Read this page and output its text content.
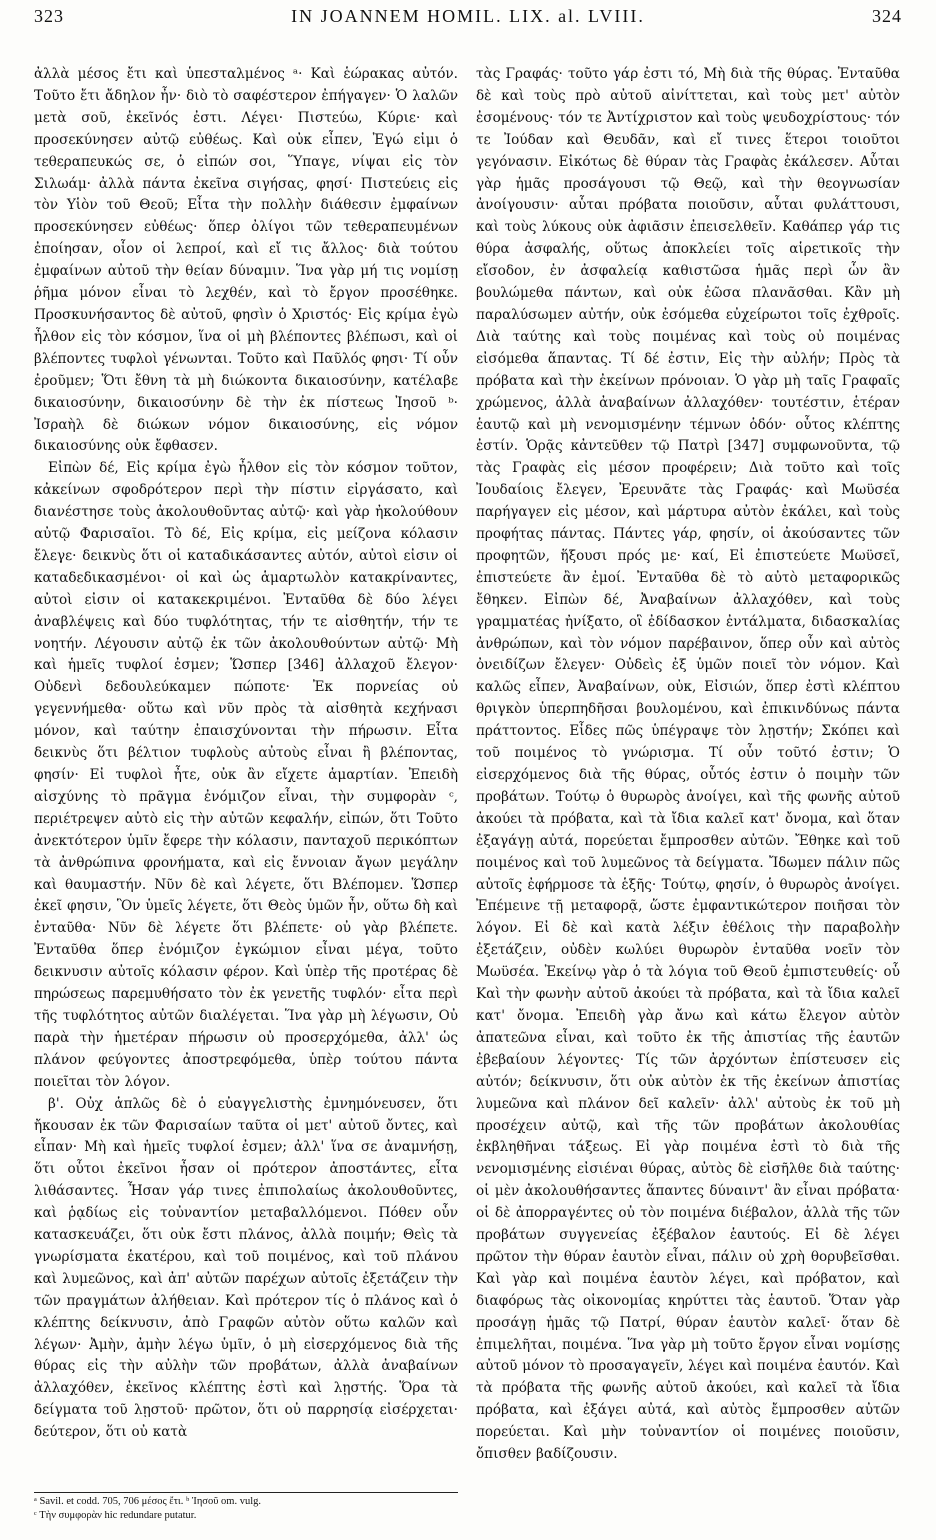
323	IN JOANNEM HOMIL. LIX. al. LVIII.	324

ἀλλὰ μέσος ἔτι καὶ ὑπεσταλμένος ᵃ· Καὶ ἑώρακας αὐτόν. Τοῦτο ἔτι ἄδηλον ἦν· διὸ τὸ σαφέστερον ἐπήγαγεν· Ὁ λαλῶν μετὰ σοῦ, ἐκεῖνός ἐστι. Λέγει· Πιστεύω, Κύριε· καὶ προσεκύνησεν αὐτῷ εὐθέως. Καὶ οὐκ εἶπεν, Ἐγώ εἰμι ὁ τεθεραπευκώς σε, ὁ εἰπών σοι, Ὕπαγε, νίψαι εἰς τὸν Σιλωάμ· ἀλλὰ πάντα ἐκεῖνα σιγήσας, φησί· Πιστεύεις εἰς τὸν Υἱὸν τοῦ Θεοῦ; Εἶτα τὴν πολλὴν διάθεσιν ἐμφαίνων προσεκύνησεν εὐθέως· ὅπερ ὀλίγοι τῶν τεθεραπευμένων ἐποίησαν, οἷον οἱ λεπροί, καὶ εἴ τις ἄλλος· διὰ τούτου ἐμφαίνων αὐτοῦ τὴν θείαν δύναμιν. Ἵνα γὰρ μή τις νομίσῃ ῥῆμα μόνον εἶναι τὸ λεχθέν, καὶ τὸ ἔργον προσέθηκε. Προσκυνήσαντος δὲ αὐτοῦ, φησὶν ὁ Χριστός· Εἰς κρίμα ἐγὼ ἦλθον εἰς τὸν κόσμον, ἵνα οἱ μὴ βλέποντες βλέπωσι, καὶ οἱ βλέποντες τυφλοὶ γένωνται. Τοῦτο καὶ Παῦλός φησι· Τί οὖν ἐροῦμεν; Ὅτι ἔθνη τὰ μὴ διώκοντα δικαιοσύνην, κατέλαβε δικαιοσύνην, δικαιοσύνην δὲ τὴν ἐκ πίστεως Ἰησοῦ ᵇ· Ἰσραὴλ δὲ διώκων νόμον δικαιοσύνης, εἰς νόμον δικαιοσύνης οὐκ ἔφθασεν.

Εἰπὼν δέ, Εἰς κρίμα ἐγὼ ἦλθον εἰς τὸν κόσμον τοῦτον, κἀκείνων σφοδρότερον περὶ τὴν πίστιν εἰργάσατο, καὶ διανέστησε τοὺς ἀκολουθοῦντας αὐτῷ· καὶ γὰρ ἠκολούθουν αὐτῷ Φαρισαῖοι. Τὸ δέ, Εἰς κρίμα, εἰς μείζονα κόλασιν ἔλεγε· δεικνὺς ὅτι οἱ καταδικάσαντες αὐτόν, αὐτοὶ εἰσιν οἱ καταδεδικασμένοι· οἱ καὶ ὡς ἁμαρτωλὸν κατακρίναντες, αὐτοὶ εἰσιν οἱ κατακεκριμένοι. Ἐνταῦθα δὲ δύο λέγει ἀναβλέψεις καὶ δύο τυφλότητας, τήν τε αἰσθητήν, τήν τε νοητήν. Λέγουσιν αὐτῷ ἐκ τῶν ἀκολουθούντων αὐτῷ· Μὴ καὶ ἡμεῖς τυφλοί ἐσμεν; Ὥσπερ [346] ἀλλαχοῦ ἔλεγον· Οὐδενὶ δεδουλεύκαμεν πώποτε· Ἐκ πορνείας οὐ γεγεννήμεθα· οὕτω καὶ νῦν πρὸς τὰ αἰσθητὰ κεχήνασι μόνον, καὶ ταύτην ἐπαισχύνονται τὴν πήρωσιν. Εἶτα δεικνὺς ὅτι βέλτιον τυφλοὺς αὐτοὺς εἶναι ἢ βλέποντας, φησίν· Εἰ τυφλοὶ ἦτε, οὐκ ἂν εἴχετε ἁμαρτίαν. Ἐπειδὴ αἰσχύνης τὸ πρᾶγμα ἐνόμιζον εἶναι, τὴν συμφορὰν ᶜ, περιέτρεψεν αὐτὸ εἰς τὴν αὐτῶν κεφαλήν, εἰπών, ὅτι Τοῦτο ἀνεκτότερον ὑμῖν ἔφερε τὴν κόλασιν, πανταχοῦ περικόπτων τὰ ἀνθρώπινα φρονήματα, καὶ εἰς ἔννοιαν ἄγων μεγάλην καὶ θαυμαστήν. Νῦν δὲ καὶ λέγετε, ὅτι Βλέπομεν. Ὥσπερ ἐκεῖ φησιν, Ὃν ὑμεῖς λέγετε, ὅτι Θεὸς ὑμῶν ἦν, οὕτω δὴ καὶ ἐνταῦθα· Νῦν δὲ λέγετε ὅτι βλέπετε· οὐ γὰρ βλέπετε. Ἐνταῦθα ὅπερ ἐνόμιζον ἐγκώμιον εἶναι μέγα, τοῦτο δεικνυσιν αὐτοῖς κόλασιν φέρον. Καὶ ὑπὲρ τῆς προτέρας δὲ πηρώσεως παρεμυθήσατο τὸν ἐκ γενετῆς τυφλόν· εἶτα περὶ τῆς τυφλότητος αὐτῶν διαλέγεται. Ἵνα γὰρ μὴ λέγωσιν, Οὐ παρὰ τὴν ἡμετέραν πήρωσιν οὐ προσερχόμεθα, ἀλλ' ὡς πλάνον φεύγοντες ἀποστρεφόμεθα, ὑπὲρ τούτου πάντα ποιεῖται τὸν λόγον.

β'. Οὐχ ἁπλῶς δὲ ὁ εὐαγγελιστὴς ἐμνημόνευσεν, ὅτι ἤκουσαν ἐκ τῶν Φαρισαίων ταῦτα οἱ μετ' αὐτοῦ ὄντες, καὶ εἶπαν· Μὴ καὶ ἡμεῖς τυφλοί ἐσμεν; ἀλλ' ἵνα σε ἀναμνήσῃ, ὅτι οὗτοι ἐκεῖνοι ἦσαν οἱ πρότερον ἀποστάντες, εἶτα λιθάσαντες. Ἦσαν γάρ τινες ἐπιπολαίως ἀκολουθοῦντες, καὶ ῥᾳδίως εἰς τοὐναντίον μεταβαλλόμενοι. Πόθεν οὖν κατασκευάζει, ὅτι οὐκ ἔστι πλάνος, ἀλλὰ ποιμήν; Θεὶς τὰ γνωρίσματα ἑκατέρου, καὶ τοῦ ποιμένος, καὶ τοῦ πλάνου καὶ λυμεῶνος, καὶ ἀπ' αὐτῶν παρέχων αὐτοῖς ἐξετάζειν τὴν τῶν πραγμάτων ἀλήθειαν. Καὶ πρότερον τίς ὁ πλάνος καὶ ὁ κλέπτης δείκνυσιν, ἀπὸ Γραφῶν αὐτὸν οὕτω καλῶν καὶ λέγων· Ἀμὴν, ἀμὴν λέγω ὑμῖν, ὁ μὴ εἰσερχόμενος διὰ τῆς θύρας εἰς τὴν αὐλὴν τῶν προβάτων, ἀλλὰ ἀναβαίνων ἀλλαχόθεν, ἐκεῖνος κλέπτης ἐστὶ καὶ λῃστής. Ὅρα τὰ δείγματα τοῦ λῃστοῦ· πρῶτον, ὅτι οὐ παρρησίᾳ εἰσέρχεται· δεύτερον, ὅτι οὐ κατὰ

τὰς Γραφάς· τοῦτο γάρ ἐστι τό, Μὴ διὰ τῆς θύρας. Ἐνταῦθα δὲ καὶ τοὺς πρὸ αὐτοῦ αἰνίττεται, καὶ τοὺς μετ' αὐτὸν ἐσομένους· τόν τε Ἀντίχριστον καὶ τοὺς ψευδοχρίστους· τόν τε Ἰούδαν καὶ Θευδᾶν, καὶ εἴ τινες ἕτεροι τοιοῦτοι γεγόνασιν. Εἰκότως δὲ θύραν τὰς Γραφὰς ἐκάλεσεν. Αὗται γὰρ ἡμᾶς προσάγουσι τῷ Θεῷ, καὶ τὴν θεογνωσίαν ἀνοίγουσιν· αὗται πρόβατα ποιοῦσιν, αὗται φυλάττουσι, καὶ τοὺς λύκους οὐκ ἀφιᾶσιν ἐπεισελθεῖν. Καθάπερ γάρ τις θύρα ἀσφαλής, οὕτως ἀποκλείει τοῖς αἱρετικοῖς τὴν εἴσοδον, ἐν ἀσφαλείᾳ καθιστῶσα ἡμᾶς περὶ ὧν ἂν βουλώμεθα πάντων, καὶ οὐκ ἐῶσα πλανᾶσθαι. Κἂν μὴ παραλύσωμεν αὐτήν, οὐκ ἐσόμεθα εὐχείρωτοι τοῖς ἐχθροῖς. Διὰ ταύτης καὶ τοὺς ποιμένας καὶ τοὺς οὐ ποιμένας εἰσόμεθα ἅπαντας. Τί δέ ἐστιν, Εἰς τὴν αὐλήν; Πρὸς τὰ πρόβατα καὶ τὴν ἐκείνων πρόνοιαν. Ὁ γὰρ μὴ ταῖς Γραφαῖς χρώμενος, ἀλλὰ ἀναβαίνων ἀλλαχόθεν· τουτέστιν, ἑτέραν ἑαυτῷ καὶ μὴ νενομισμένην τέμνων ὁδόν· οὗτος κλέπτης ἐστίν. Ὁρᾷς κἀντεῦθεν τῷ Πατρὶ [347] συμφωνοῦντα, τῷ τὰς Γραφὰς εἰς μέσον προφέρειν; Διὰ τοῦτο καὶ τοῖς Ἰουδαίοις ἔλεγεν, Ἐρευνᾶτε τὰς Γραφάς· καὶ Μωϋσέα παρήγαγεν εἰς μέσον, καὶ μάρτυρα αὐτὸν ἐκάλει, καὶ τοὺς προφήτας πάντας. Πάντες γάρ, φησίν, οἱ ἀκούσαντες τῶν προφητῶν, ἥξουσι πρός με· καί, Εἰ ἐπιστεύετε Μωϋσεῖ, ἐπιστεύετε ἂν ἐμοί. Ἐνταῦθα δὲ τὸ αὐτὸ μεταφορικῶς ἔθηκεν. Εἰπὼν δέ, Ἀναβαίνων ἀλλαχόθεν, καὶ τοὺς γραμματέας ἠνίξατο, οἳ ἐδίδασκον ἐντάλματα, διδασκαλίας ἀνθρώπων, καὶ τὸν νόμον παρέβαινον, ὅπερ οὖν καὶ αὐτὸς ὀνειδίζων ἔλεγεν· Οὐδεὶς ἐξ ὑμῶν ποιεῖ τὸν νόμον. Καὶ καλῶς εἶπεν, Ἀναβαίνων, οὐκ, Εἰσιών, ὅπερ ἐστὶ κλέπτου θριγκὸν ὑπερπηδῆσαι βουλομένου, καὶ ἐπικινδύνως πάντα πράττοντος. Εἶδες πῶς ὑπέγραψε τὸν λῃστήν; Σκόπει καὶ τοῦ ποιμένος τὸ γνώρισμα. Τί οὖν τοῦτό ἐστιν; Ὁ εἰσερχόμενος διὰ τῆς θύρας, οὗτός ἐστιν ὁ ποιμὴν τῶν προβάτων. Τούτῳ ὁ θυρωρὸς ἀνοίγει, καὶ τῆς φωνῆς αὐτοῦ ἀκούει τὰ πρόβατα, καὶ τὰ ἴδια καλεῖ κατ' ὄνομα, καὶ ὅταν ἐξαγάγῃ αὐτά, πορεύεται ἔμπροσθεν αὐτῶν. Ἔθηκε καὶ τοῦ ποιμένος καὶ τοῦ λυμεῶνος τὰ δείγματα. Ἴδωμεν πάλιν πῶς αὐτοῖς ἐφήρμοσε τὰ ἑξῆς· Τούτῳ, φησίν, ὁ θυρωρὸς ἀνοίγει. Ἐπέμεινε τῇ μεταφορᾷ, ὥστε ἐμφαντικώτερον ποιῆσαι τὸν λόγον. Εἰ δὲ καὶ κατὰ λέξιν ἐθέλοις τὴν παραβολὴν ἐξετάζειν, οὐδὲν κωλύει θυρωρὸν ἐνταῦθα νοεῖν τὸν Μωϋσέα. Ἐκείνῳ γὰρ ὁ τὰ λόγια τοῦ Θεοῦ ἐμπιστευθείς· οὗ Καὶ τὴν φωνὴν αὐτοῦ ἀκούει τὰ πρόβατα, καὶ τὰ ἴδια καλεῖ κατ' ὄνομα. Ἐπειδὴ γὰρ ἄνω καὶ κάτω ἔλεγον αὐτὸν ἀπατεῶνα εἶναι, καὶ τοῦτο ἐκ τῆς ἀπιστίας τῆς ἑαυτῶν ἐβεβαίουν λέγοντες· Τίς τῶν ἀρχόντων ἐπίστευσεν εἰς αὐτόν; δείκνυσιν, ὅτι οὐκ αὐτὸν ἐκ τῆς ἐκείνων ἀπιστίας λυμεῶνα καὶ πλάνον δεῖ καλεῖν· ἀλλ' αὐτοὺς ἐκ τοῦ μὴ προσέχειν αὐτῷ, καὶ τῆς τῶν προβάτων ἀκολουθίας ἐκβληθῆναι τάξεως. Εἰ γὰρ ποιμένα ἐστὶ τὸ διὰ τῆς νενομισμένης εἰσιέναι θύρας, αὐτὸς δὲ εἰσῆλθε διὰ ταύτης· οἱ μὲν ἀκολουθήσαντες ἅπαντες δύναιντ' ἂν εἶναι πρόβατα· οἱ δὲ ἀπορραγέντες οὐ τὸν ποιμένα διέβαλον, ἀλλὰ τῆς τῶν προβάτων συγγενείας ἐξέβαλον ἑαυτούς. Εἰ δὲ λέγει πρῶτον τὴν θύραν ἑαυτὸν εἶναι, πάλιν οὐ χρὴ θορυβεῖσθαι. Καὶ γὰρ καὶ ποιμένα ἑαυτὸν λέγει, καὶ πρόβατον, καὶ διαφόρως τὰς οἰκονομίας κηρύττει τὰς ἑαυτοῦ. Ὅταν γὰρ προσάγῃ ἡμᾶς τῷ Πατρί, θύραν ἑαυτὸν καλεῖ· ὅταν δὲ ἐπιμελῆται, ποιμένα. Ἵνα γὰρ μὴ τοῦτο ἔργον εἶναι νομίσῃς αὐτοῦ μόνον τὸ προσαγαγεῖν, λέγει καὶ ποιμένα ἑαυτόν. Καὶ τὰ πρόβατα τῆς φωνῆς αὐτοῦ ἀκούει, καὶ καλεῖ τὰ ἴδια πρόβατα, καὶ ἐξάγει αὐτά, καὶ αὐτὸς ἔμπροσθεν αὐτῶν πορεύεται. Καὶ μὴν τοὐναντίον οἱ ποιμένες ποιοῦσιν, ὄπισθεν βαδίζουσιν.

ᵃ Savil. et codd. 705, 706 μέσος ἔτι. ᵇ Ἰησοῦ om. vulg.
ᶜ Τὴν συμφορὰν hic redundare putatur.
